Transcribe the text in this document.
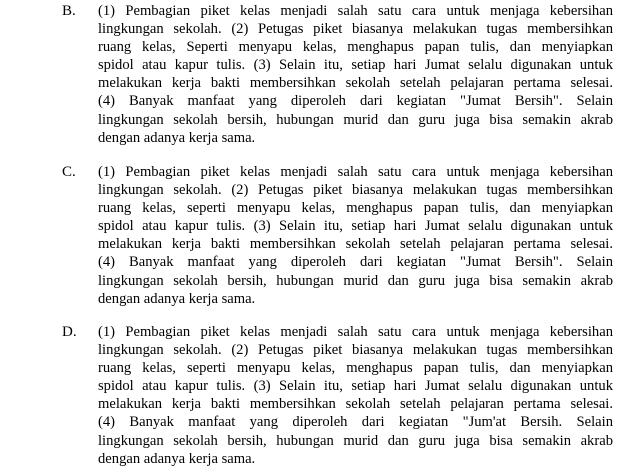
B. (1) Pembagian piket kelas menjadi salah satu cara untuk menjaga kebersihan
lingkungan sekolah. (2) Petugas piket biasanya melakukan tugas membersihkan
ruang kelas, Seperti menyapu kelas, menghapus papan tulis, dan menyiapkan
spidol atau kapur tulis. (3) Selain itu, setiap hari Jumat selalu digunakan untuk
melakukan kerja bakti membersihkan sekolah setelah pelajaran pertama selesai.
(4) Banyak manfaat yang diperoleh dari kegiatan "Jumat Bersih". Selain
lingkungan sekolah bersih, hubungan murid dan guru juga bisa semakin akrab
dengan adanya kerja sama.
C. (1) Pembagian piket kelas menjadi salah satu cara untuk menjaga kebersihan
lingkungan sekolah. (2) Petugas piket biasanya melakukan tugas membersihkan
ruang kelas, seperti menyapu kelas, menghapus papan tulis, dan menyiapkan
spidol atau kapur tulis. (3) Selain itu, setiap hari Jumat selalu digunakan untuk
melakukan kerja bakti membersihkan sekolah setelah pelajaran pertama selesai.
(4) Banyak manfaat yang diperoleh dari kegiatan "Jumat Bersih". Selain
lingkungan sekolah bersih, hubungan murid dan guru juga bisa semakin akrab
dengan adanya kerja sama.
D. (1) Pembagian piket kelas menjadi salah satu cara untuk menjaga kebersihan
lingkungan sekolah. (2) Petugas piket biasanya melakukan tugas membersihkan
ruang kelas, seperti menyapu kelas, menghapus papan tulis, dan menyiapkan
spidol atau kapur tulis. (3) Selain itu, setiap hari Jumat selalu digunakan untuk
melakukan kerja bakti membersihkan sekolah setelah pelajaran pertama selesai.
(4) Banyak manfaat yang diperoleh dari kegiatan "Jum'at Bersih. Selain
lingkungan sekolah bersih, hubungan murid dan guru juga bisa semakin akrab
dengan adanya kerja sama.
